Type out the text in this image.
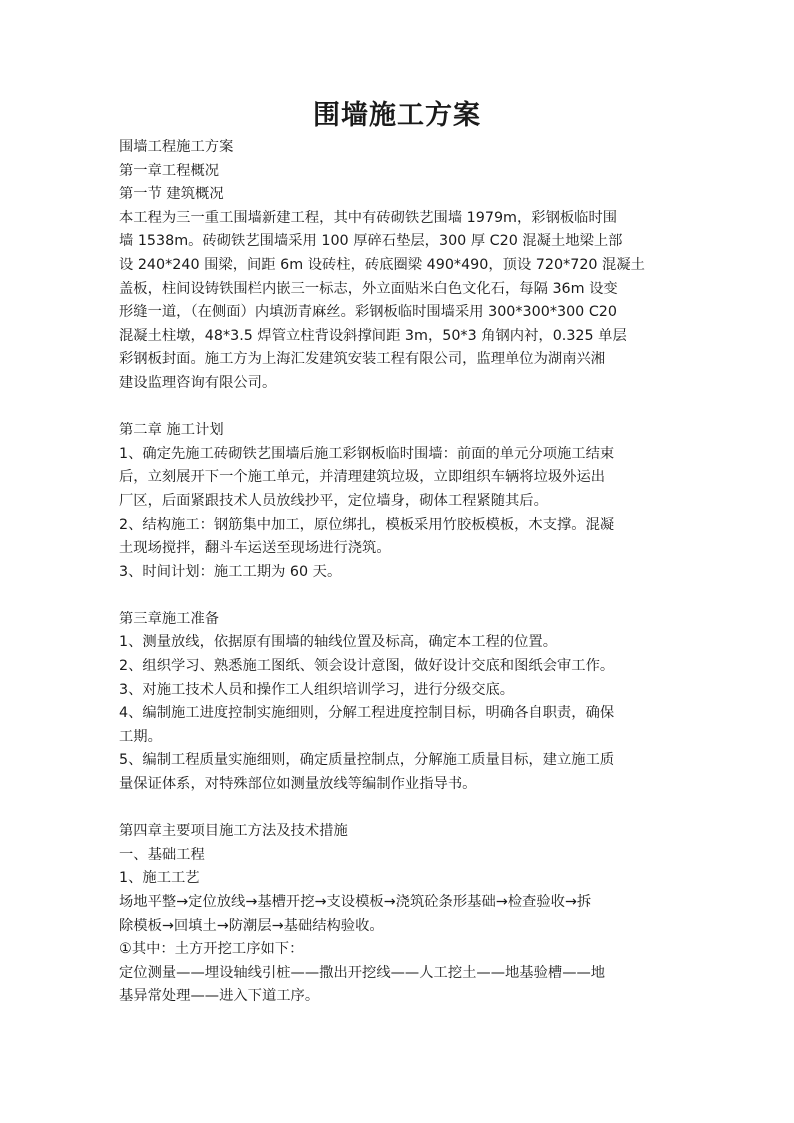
围墙施工方案
围墙工程施工方案
第一章工程概况
第一节 建筑概况
本工程为三一重工围墙新建工程，其中有砖砌铁艺围墙 1979m，彩钢板临时围
墙 1538m。砖砌铁艺围墙采用 100 厚碎石垫层，300 厚 C20 混凝土地梁上部
设 240*240 围梁，间距 6m 设砖柱，砖底圈梁 490*490，顶设 720*720 混凝土
盖板，柱间设铸铁围栏内嵌三一标志，外立面贴米白色文化石，每隔 36m 设变
形缝一道，（在侧面）内填沥青麻丝。彩钢板临时围墙采用 300*300*300 C20
混凝土柱墩，48*3.5 焊管立柱背设斜撑间距 3m，50*3 角钢内衬，0.325 单层
彩钢板封面。施工方为上海汇发建筑安装工程有限公司，监理单位为湖南兴湘
建设监理咨询有限公司。
第二章 施工计划
1、确定先施工砖砌铁艺围墙后施工彩钢板临时围墙：前面的单元分项施工结束
后，立刻展开下一个施工单元，并清理建筑垃圾，立即组织车辆将垃圾外运出
厂区，后面紧跟技术人员放线抄平，定位墙身，砌体工程紧随其后。
2、结构施工：钢筋集中加工，原位绑扎，模板采用竹胶板模板，木支撑。混凝
土现场搅拌，翻斗车运送至现场进行浇筑。
3、时间计划：施工工期为 60 天。
第三章施工准备
1、测量放线，依据原有围墙的轴线位置及标高，确定本工程的位置。
2、组织学习、熟悉施工图纸、领会设计意图，做好设计交底和图纸会审工作。
3、对施工技术人员和操作工人组织培训学习，进行分级交底。
4、编制施工进度控制实施细则，分解工程进度控制目标，明确各自职责，确保
工期。
5、编制工程质量实施细则，确定质量控制点，分解施工质量目标，建立施工质
量保证体系，对特殊部位如测量放线等编制作业指导书。
第四章主要项目施工方法及技术措施
一、基础工程
1、施工工艺
场地平整→定位放线→基槽开挖→支设模板→浇筑砼条形基础→检查验收→拆
除模板→回填土→防潮层→基础结构验收。
①其中：土方开挖工序如下：
定位测量——埋设轴线引桩——撒出开挖线——人工挖土——地基验槽——地
基异常处理——进入下道工序。
